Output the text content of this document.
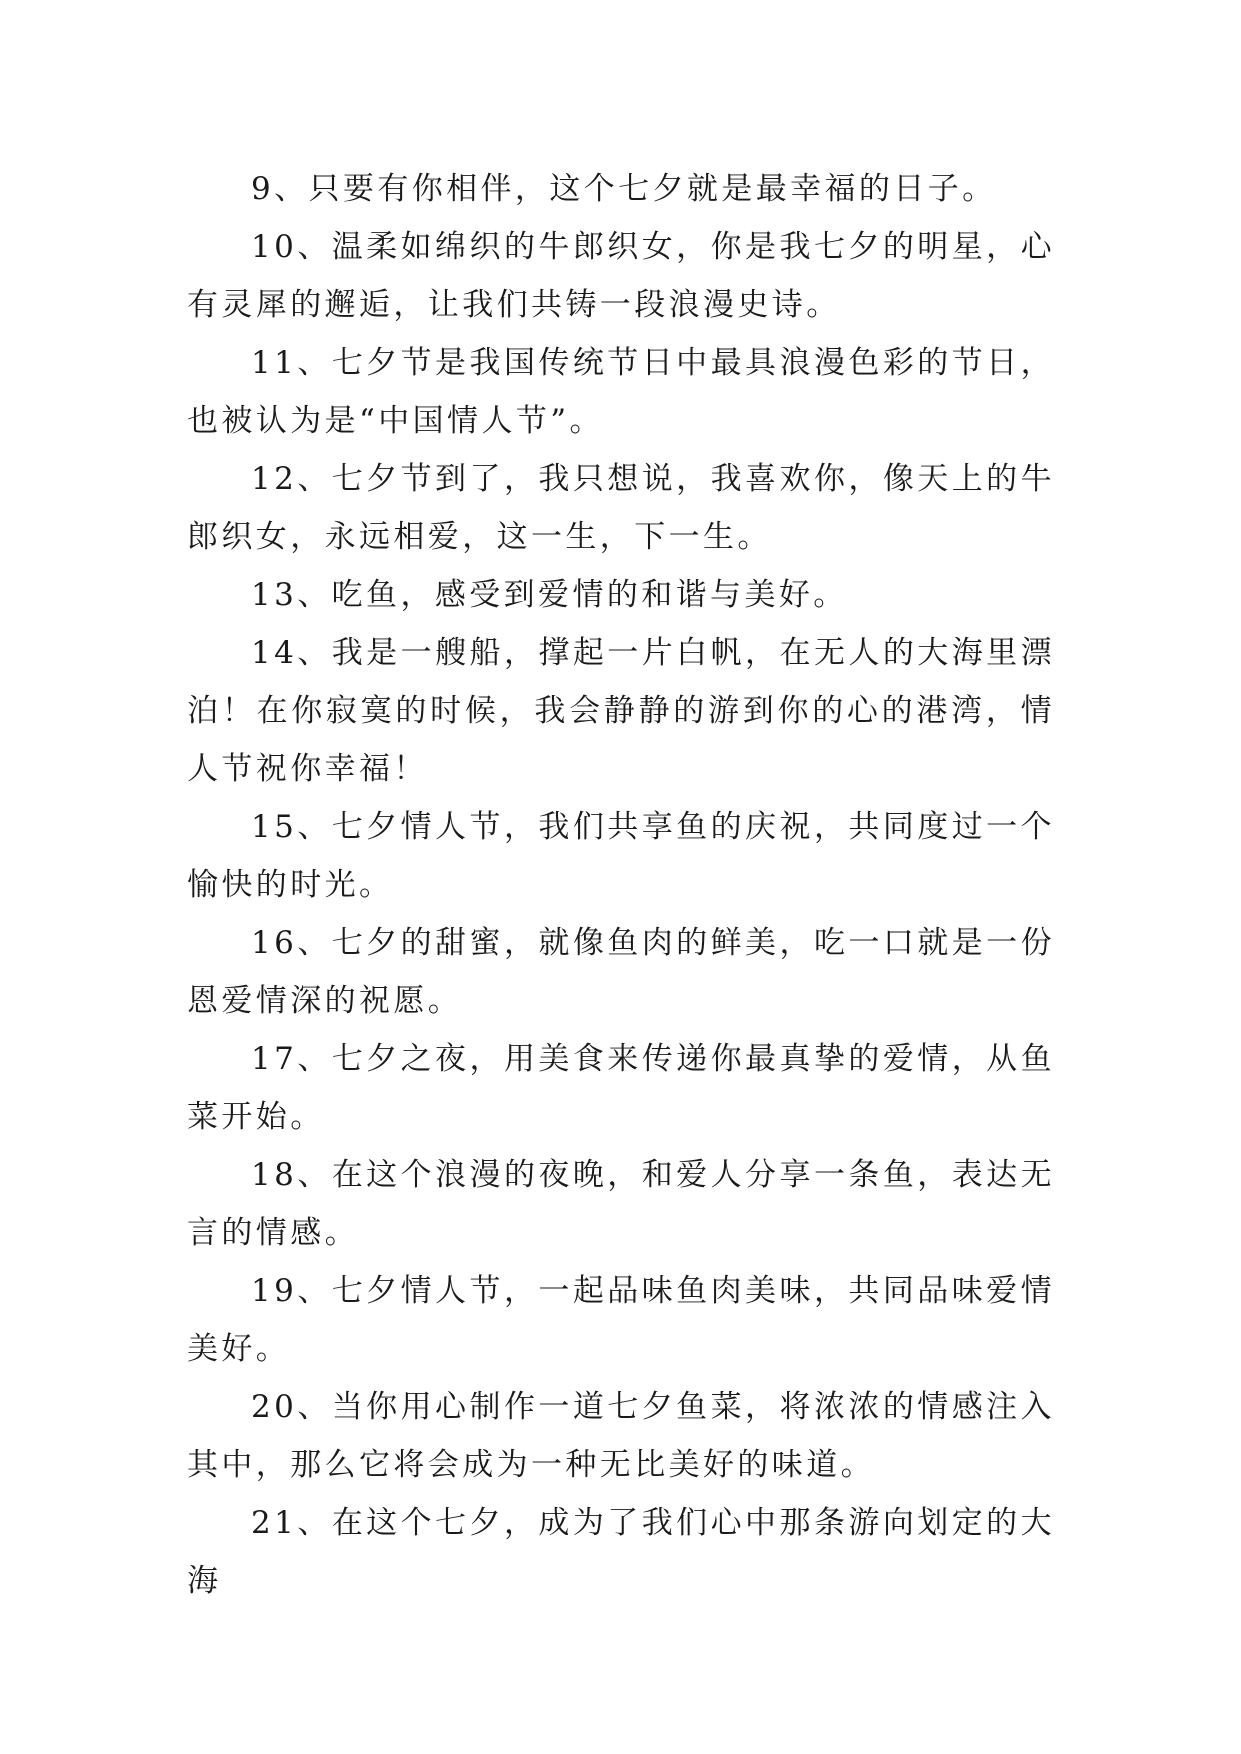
9、只要有你相伴，这个七夕就是最幸福的日子。

10、温柔如绵织的牛郎织女，你是我七夕的明星，心有灵犀的邂逅，让我们共铸一段浪漫史诗。

11、七夕节是我国传统节日中最具浪漫色彩的节日，也被认为是“中国情人节”。

12、七夕节到了，我只想说，我喜欢你，像天上的牛郎织女，永远相爱，这一生，下一生。

13、吃鱼，感受到爱情的和谐与美好。

14、我是一艘船，撑起一片白帆，在无人的大海里漂泊！在你寂寞的时候，我会静静的游到你的心的港湾，情人节祝你幸福！

15、七夕情人节，我们共享鱼的庆祝，共同度过一个愉快的时光。

16、七夕的甜蜜，就像鱼肉的鲜美，吃一口就是一份恩爱情深的祝愿。

17、七夕之夜，用美食来传递你最真挚的爱情，从鱼菜开始。

18、在这个浪漫的夜晚，和爱人分享一条鱼，表达无言的情感。

19、七夕情人节，一起品味鱼肉美味，共同品味爱情美好。

20、当你用心制作一道七夕鱼菜，将浓浓的情感注入其中，那么它将会成为一种无比美好的味道。

21、在这个七夕，成为了我们心中那条游向划定的大海
